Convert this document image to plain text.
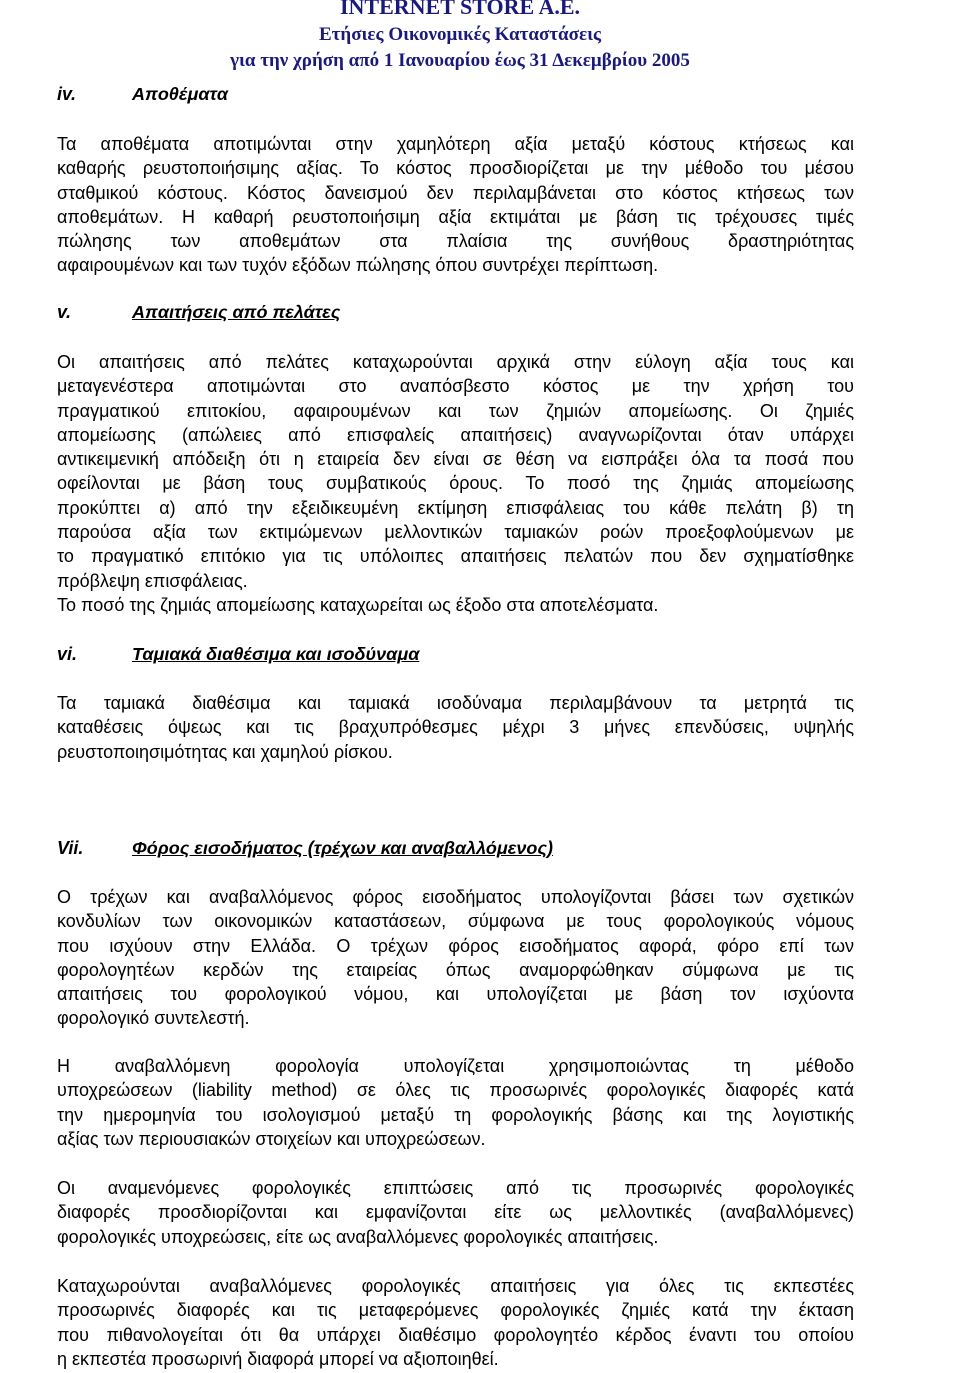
INTERNET STORE A.E.
Ετήσιες Οικονομικές Καταστάσεις
για την χρήση από 1 Ιανουαρίου έως 31 Δεκεμβρίου 2005
iv.	Αποθέματα
Τα αποθέματα αποτιμώνται στην χαμηλότερη αξία μεταξύ κόστους κτήσεως και
καθαρής ρευστοποιήσιμης αξίας. Το κόστος προσδιορίζεται με την μέθοδο του μέσου
σταθμικού κόστους. Κόστος δανεισμού δεν περιλαμβάνεται στο κόστος κτήσεως των
αποθεμάτων. Η καθαρή ρευστοποιήσιμη αξία εκτιμάται με βάση τις τρέχουσες τιμές
πώλησης των αποθεμάτων στα πλαίσια της συνήθους δραστηριότητας
αφαιρουμένων και των τυχόν εξόδων πώλησης όπου συντρέχει περίπτωση.
v.	Απαιτήσεις από πελάτες
Οι απαιτήσεις από πελάτες καταχωρούνται αρχικά στην εύλογη αξία τους και
μεταγενέστερα αποτιμώνται στο αναπόσβεστο κόστος με την χρήση του
πραγματικού επιτοκίου, αφαιρουμένων και των ζημιών απομείωσης. Οι ζημιές
απομείωσης (απώλειες από επισφαλείς απαιτήσεις) αναγνωρίζονται όταν υπάρχει
αντικειμενική απόδειξη ότι η εταιρεία δεν είναι σε θέση να εισπράξει όλα τα ποσά που
οφείλονται με βάση τους συμβατικούς όρους. Το ποσό της ζημιάς απομείωσης
προκύπτει α) από την εξειδικευμένη εκτίμηση επισφάλειας του κάθε πελάτη β) τη
παρούσα αξία των εκτιμώμενων μελλοντικών ταμιακών ροών προεξοφλούμενων με
το πραγματικό επιτόκιο για τις υπόλοιπες απαιτήσεις πελατών που δεν σχηματίσθηκε
πρόβλεψη επισφάλειας.
Το ποσό της ζημιάς απομείωσης καταχωρείται ως έξοδο στα αποτελέσματα.
vi.	Ταμιακά διαθέσιμα και ισοδύναμα
Τα ταμιακά διαθέσιμα και ταμιακά ισοδύναμα περιλαμβάνουν τα μετρητά τις
καταθέσεις όψεως και τις βραχυπρόθεσμες μέχρι 3 μήνες επενδύσεις, υψηλής
ρευστοποιησιμότητας και χαμηλού ρίσκου.
Vii.	Φόρος εισοδήματος (τρέχων και αναβαλλόμενος)
Ο τρέχων και αναβαλλόμενος φόρος εισοδήματος υπολογίζονται βάσει των σχετικών
κονδυλίων των οικονομικών καταστάσεων, σύμφωνα με τους φορολογικούς νόμους
που ισχύουν στην Ελλάδα. Ο τρέχων φόρος εισοδήματος αφορά, φόρο επί των
φορολογητέων κερδών της εταιρείας όπως αναμορφώθηκαν σύμφωνα με τις
απαιτήσεις του φορολογικού νόμου, και υπολογίζεται με βάση τον ισχύοντα
φορολογικό συντελεστή.
Η αναβαλλόμενη φορολογία υπολογίζεται χρησιμοποιώντας τη μέθοδο
υποχρεώσεων (liability method) σε όλες τις προσωρινές φορολογικές διαφορές κατά
την ημερομηνία του ισολογισμού μεταξύ τη φορολογικής βάσης και της λογιστικής
αξίας των περιουσιακών στοιχείων και υποχρεώσεων.
Οι αναμενόμενες φορολογικές επιπτώσεις από τις προσωρινές φορολογικές
διαφορές προσδιορίζονται και εμφανίζονται είτε ως μελλοντικές (αναβαλλόμενες)
φορολογικές υποχρεώσεις, είτε ως αναβαλλόμενες φορολογικές απαιτήσεις.
Καταχωρούνται αναβαλλόμενες φορολογικές απαιτήσεις για όλες τις εκπεστέες
προσωρινές διαφορές και τις μεταφερόμενες φορολογικές ζημιές κατά την έκταση
που πιθανολογείται ότι θα υπάρχει διαθέσιμο φορολογητέο κέρδος έναντι του οποίου
η εκπεστέα προσωρινή διαφορά μπορεί να αξιοποιηθεί.
